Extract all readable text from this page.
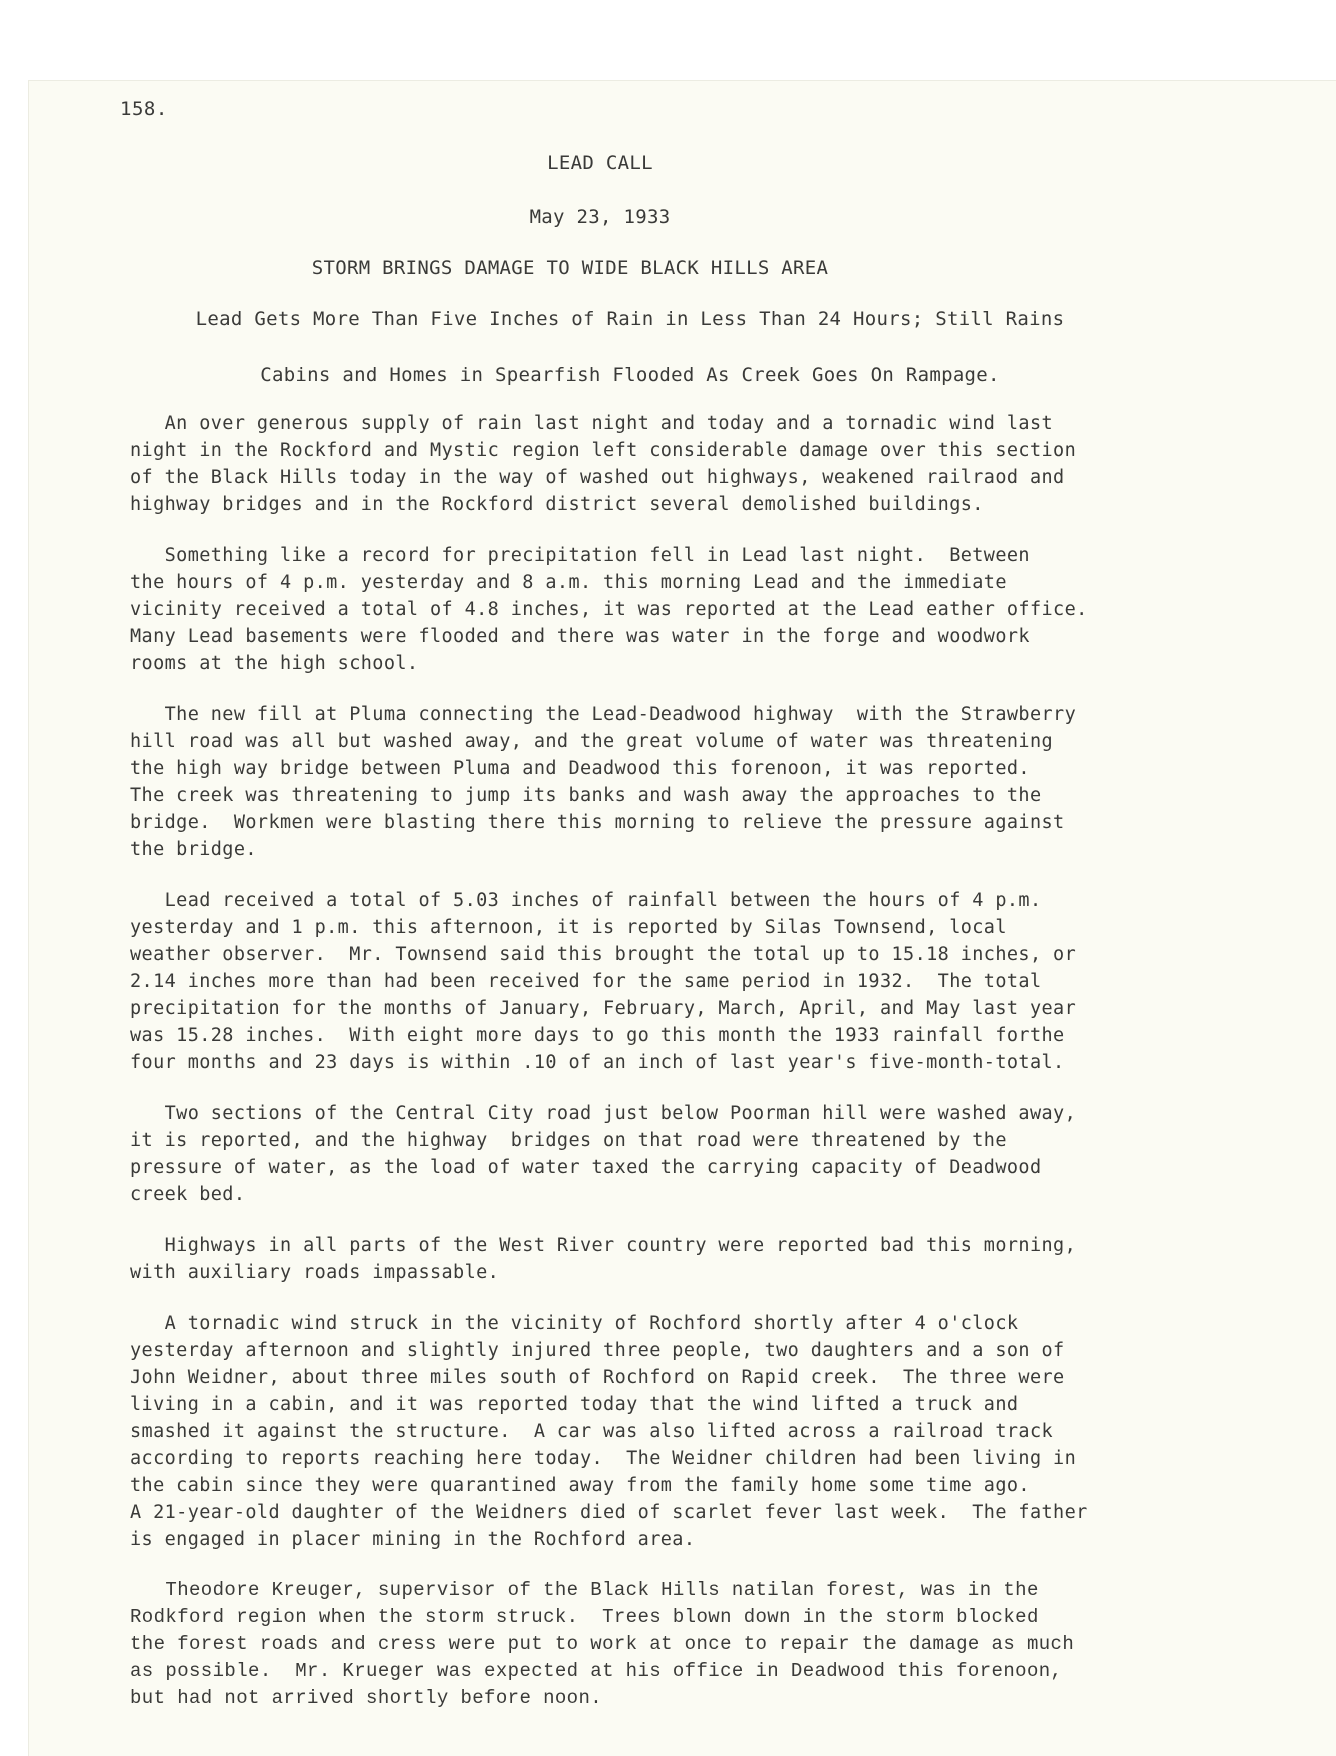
158.
LEAD CALL
May 23, 1933
STORM BRINGS DAMAGE TO WIDE BLACK HILLS AREA
Lead Gets More Than Five Inches of Rain in Less Than 24 Hours; Still Rains
Cabins and Homes in Spearfish Flooded As Creek Goes On Rampage.
An over generous supply of rain last night and today and a tornadic wind last
night in the Rockford and Mystic region left considerable damage over this section
of the Black Hills today in the way of washed out highways, weakened railraod and
highway bridges and in the Rockford district several demolished buildings.
Something like a record for precipitation fell in Lead last night.  Between
the hours of 4 p.m. yesterday and 8 a.m. this morning Lead and the immediate
vicinity received a total of 4.8 inches, it was reported at the Lead eather office.
Many Lead basements were flooded and there was water in the forge and woodwork
rooms at the high school.
The new fill at Pluma connecting the Lead-Deadwood highway  with the Strawberry
hill road was all but washed away, and the great volume of water was threatening
the high way bridge between Pluma and Deadwood this forenoon, it was reported.
The creek was threatening to jump its banks and wash away the approaches to the
bridge.  Workmen were blasting there this morning to relieve the pressure against
the bridge.
Lead received a total of 5.03 inches of rainfall between the hours of 4 p.m.
yesterday and 1 p.m. this afternoon, it is reported by Silas Townsend, local
weather observer.  Mr. Townsend said this brought the total up to 15.18 inches, or
2.14 inches more than had been received for the same period in 1932.  The total
precipitation for the months of January, February, March, April, and May last year
was 15.28 inches.  With eight more days to go this month the 1933 rainfall forthe
four months and 23 days is within .10 of an inch of last year's five-month-total.
Two sections of the Central City road just below Poorman hill were washed away,
it is reported, and the highway  bridges on that road were threatened by the
pressure of water, as the load of water taxed the carrying capacity of Deadwood
creek bed.
Highways in all parts of the West River country were reported bad this morning,
with auxiliary roads impassable.
A tornadic wind struck in the vicinity of Rochford shortly after 4 o'clock
yesterday afternoon and slightly injured three people, two daughters and a son of
John Weidner, about three miles south of Rochford on Rapid creek.  The three were
living in a cabin, and it was reported today that the wind lifted a truck and
smashed it against the structure.  A car was also lifted across a railroad track
according to reports reaching here today.  The Weidner children had been living in
the cabin since they were quarantined away from the family home some time ago.
A 21-year-old daughter of the Weidners died of scarlet fever last week.  The father
is engaged in placer mining in the Rochford area.
Theodore Kreuger, supervisor of the Black Hills natilan forest, was in the
Rodkford region when the storm struck.  Trees blown down in the storm blocked
the forest roads and cress were put to work at once to repair the damage as much
as possible.  Mr. Krueger was expected at his office in Deadwood this forenoon,
but had not arrived shortly before noon.
